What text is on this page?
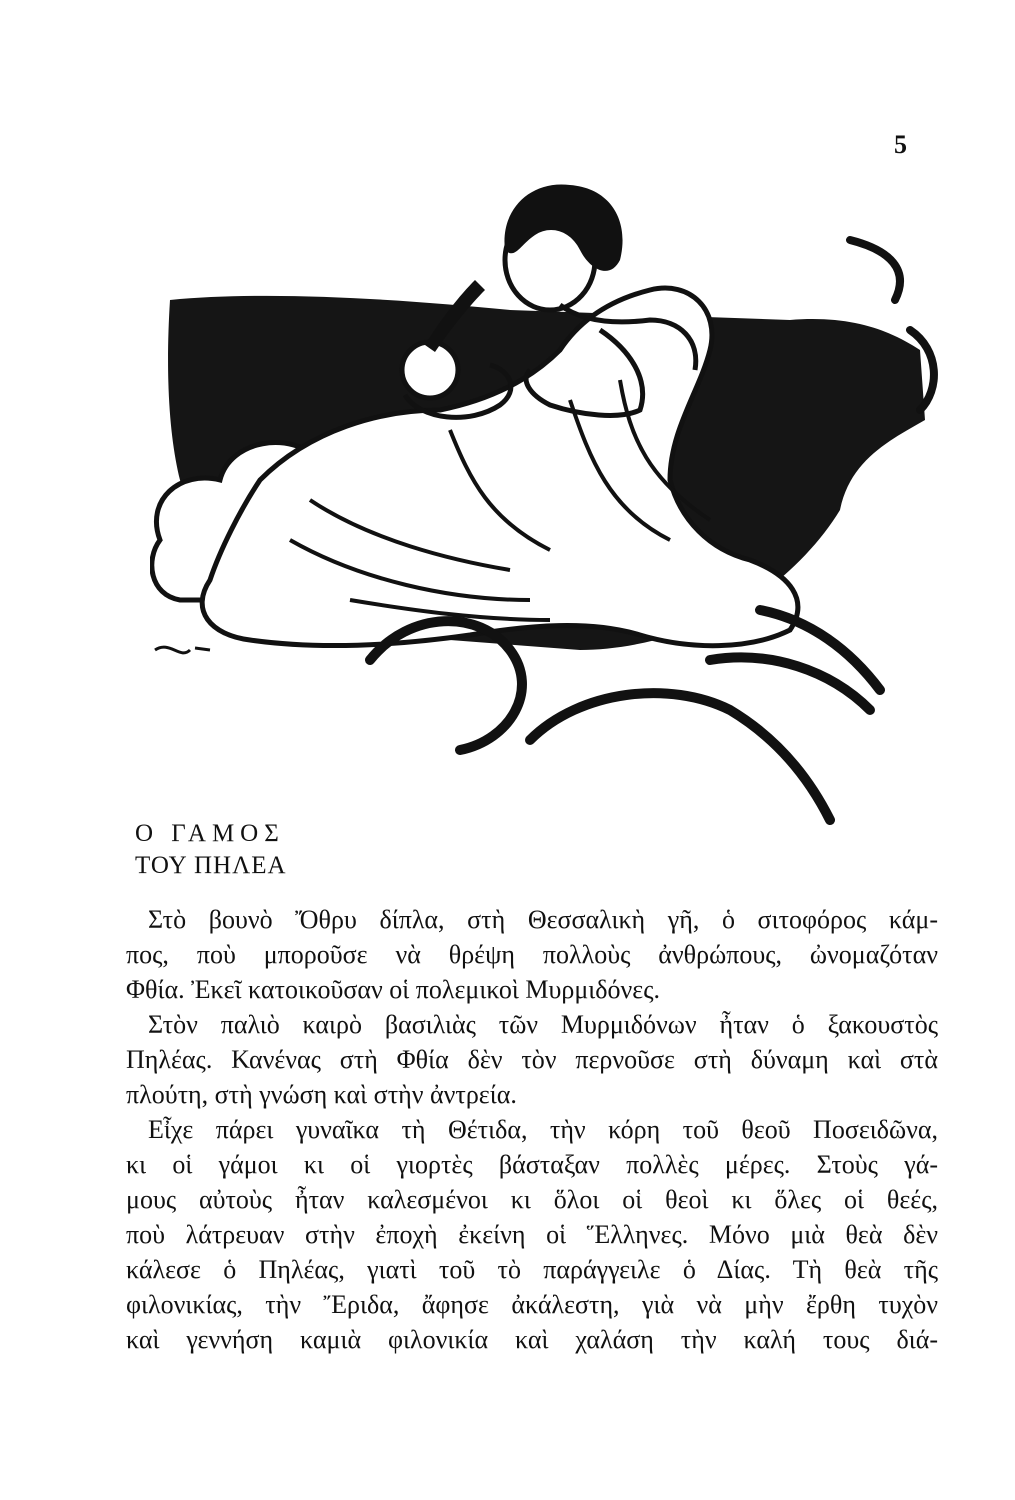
5
Ο ΓΑΜΟΣ
ΤΟΥ ΠΗΛΕΑ
Στὸ βουνὸ Ὄθρυ δίπλα, στὴ Θεσσαλικὴ γῆ, ὁ σιτοφόρος κάμ-
πος, ποὺ μποροῦσε νὰ θρέψη πολλοὺς ἀνθρώπους, ὠνομαζόταν
Φθία. Ἐκεῖ κατοικοῦσαν οἱ πολεμικοὶ Μυρμιδόνες.
Στὸν παλιὸ καιρὸ βασιλιὰς τῶν Μυρμιδόνων ἦταν ὁ ξακουστὸς
Πηλέας. Κανένας στὴ Φθία δὲν τὸν περνοῦσε στὴ δύναμη καὶ στὰ
πλούτη, στὴ γνώση καὶ στὴν ἀντρεία.
Εἶχε πάρει γυναῖκα τὴ Θέτιδα, τὴν κόρη τοῦ θεοῦ Ποσειδῶνα,
κι οἱ γάμοι κι οἱ γιορτὲς βάσταξαν πολλὲς μέρες. Στοὺς γά-
μους αὐτοὺς ἦταν καλεσμένοι κι ὅλοι οἱ θεοὶ κι ὅλες οἱ θεές,
ποὺ λάτρευαν στὴν ἐποχὴ ἐκείνη οἱ Ἕλληνες. Μόνο μιὰ θεὰ δὲν
κάλεσε ὁ Πηλέας, γιατὶ τοῦ τὸ παράγγειλε ὁ Δίας. Τὴ θεὰ τῆς
φιλονικίας, τὴν Ἔριδα, ἄφησε ἀκάλεστη, γιὰ νὰ μὴν ἔρθη τυχὸν
καὶ γεννήση καμιὰ φιλονικία καὶ χαλάση τὴν καλή τους διά-
